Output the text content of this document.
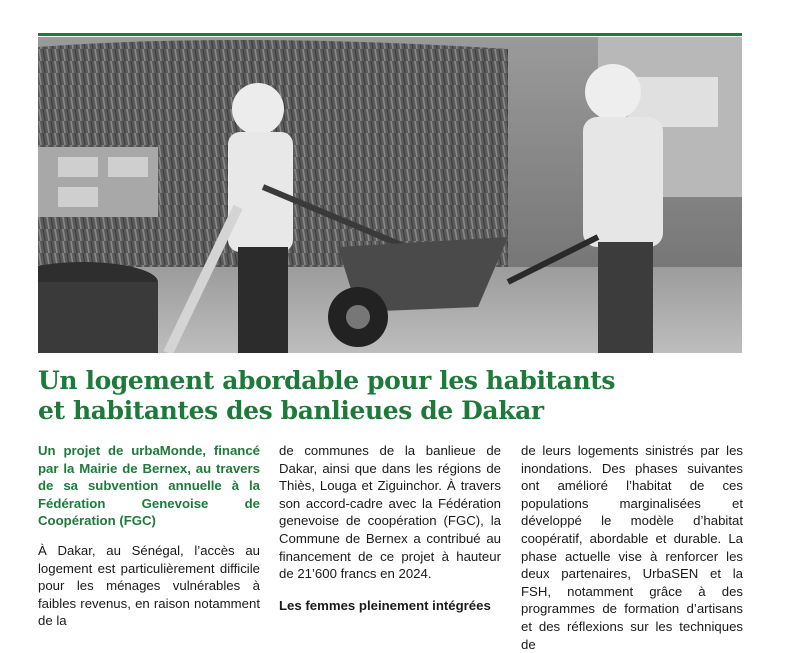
Un logement abordable pour les habitants
et habitantes des banlieues de Dakar

Un projet de urbaMonde, financé par la Mairie de Bernex, au travers de sa subvention annuelle à la Fédération Genevoise de Coopération (FGC)

À Dakar, au Sénégal, l’accès au logement est particulièrement difficile pour les ménages vulnérables à faibles revenus, en raison notamment de la

de communes de la banlieue de Dakar, ainsi que dans les régions de Thiès, Louga et Ziguinchor. À travers son accord-cadre avec la Fédération genevoise de coopération (FGC), la Commune de Bernex a contribué au financement de ce projet à hauteur de 21’600 francs en 2024.

Les femmes pleinement intégrées

de leurs logements sinistrés par les inondations. Des phases suivantes ont amélioré l’habitat de ces populations marginalisées et développé le modèle d’habitat coopératif, abordable et durable. La phase actuelle vise à renforcer les deux partenaires, UrbaSEN et la FSH, notamment grâce à des programmes de formation d’artisans et des réflexions sur les techniques de
